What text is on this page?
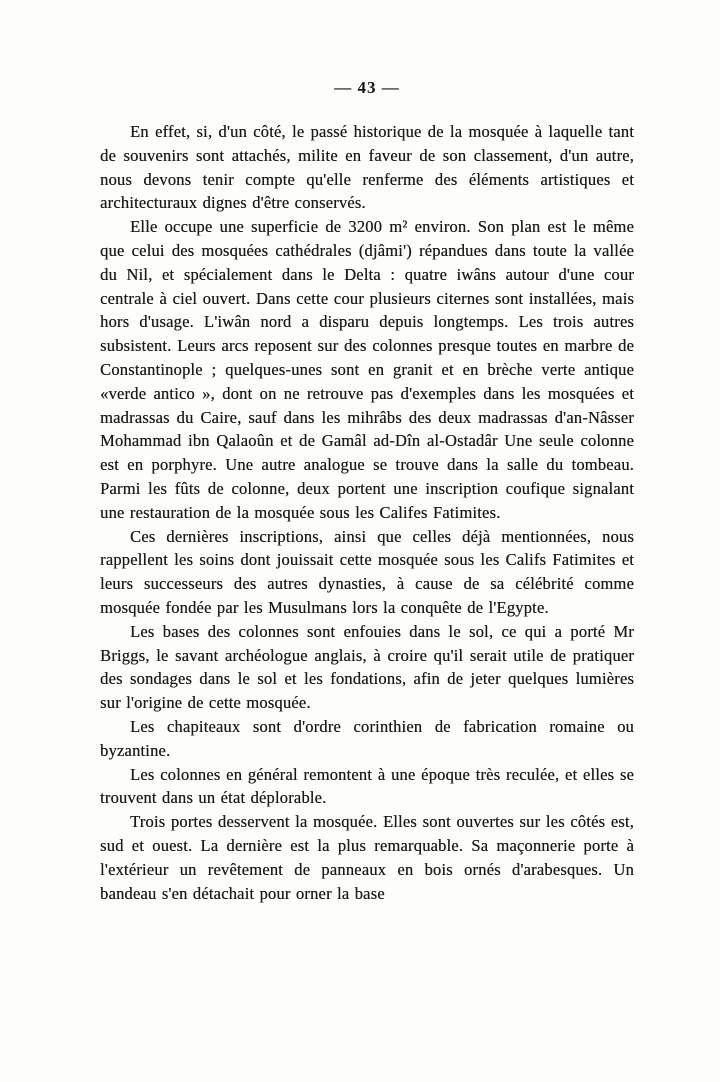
— 43 —

En effet, si, d'un côté, le passé historique de la mosquée à laquelle tant de souvenirs sont attachés, milite en faveur de son classement, d'un autre, nous devons tenir compte qu'elle renferme des éléments artistiques et architecturaux dignes d'être conservés.

Elle occupe une superficie de 3200 m² environ. Son plan est le même que celui des mosquées cathédrales (djâmi') répandues dans toute la vallée du Nil, et spécialement dans le Delta : quatre iwâns autour d'une cour centrale à ciel ouvert. Dans cette cour plusieurs citernes sont installées, mais hors d'usage. L'iwân nord a disparu depuis longtemps. Les trois autres subsistent. Leurs arcs reposent sur des colonnes presque toutes en marbre de Constantinople ; quelques-unes sont en granit et en brèche verte antique «verde antico », dont on ne retrouve pas d'exemples dans les mosquées et madrassas du Caire, sauf dans les mihrâbs des deux madrassas d'an-Nâsser Mohammad ibn Qalaoûn et de Gamâl ad-Dîn al-Ostadâr Une seule colonne est en porphyre. Une autre analogue se trouve dans la salle du tombeau. Parmi les fûts de colonne, deux portent une inscription coufique signalant une restauration de la mosquée sous les Califes Fatimites.

Ces dernières inscriptions, ainsi que celles déjà mentionnées, nous rappellent les soins dont jouissait cette mosquée sous les Califs Fatimites et leurs successeurs des autres dynasties, à cause de sa célébrité comme mosquée fondée par les Musulmans lors la conquête de l'Egypte.

Les bases des colonnes sont enfouies dans le sol, ce qui a porté Mr Briggs, le savant archéologue anglais, à croire qu'il serait utile de pratiquer des sondages dans le sol et les fondations, afin de jeter quelques lumières sur l'origine de cette mosquée.

Les chapiteaux sont d'ordre corinthien de fabrication romaine ou byzantine.

Les colonnes en général remontent à une époque très reculée, et elles se trouvent dans un état déplorable.

Trois portes desservent la mosquée. Elles sont ouvertes sur les côtés est, sud et ouest. La dernière est la plus remarquable. Sa maçonnerie porte à l'extérieur un revêtement de panneaux en bois ornés d'arabesques. Un bandeau s'en détachait pour orner la base
